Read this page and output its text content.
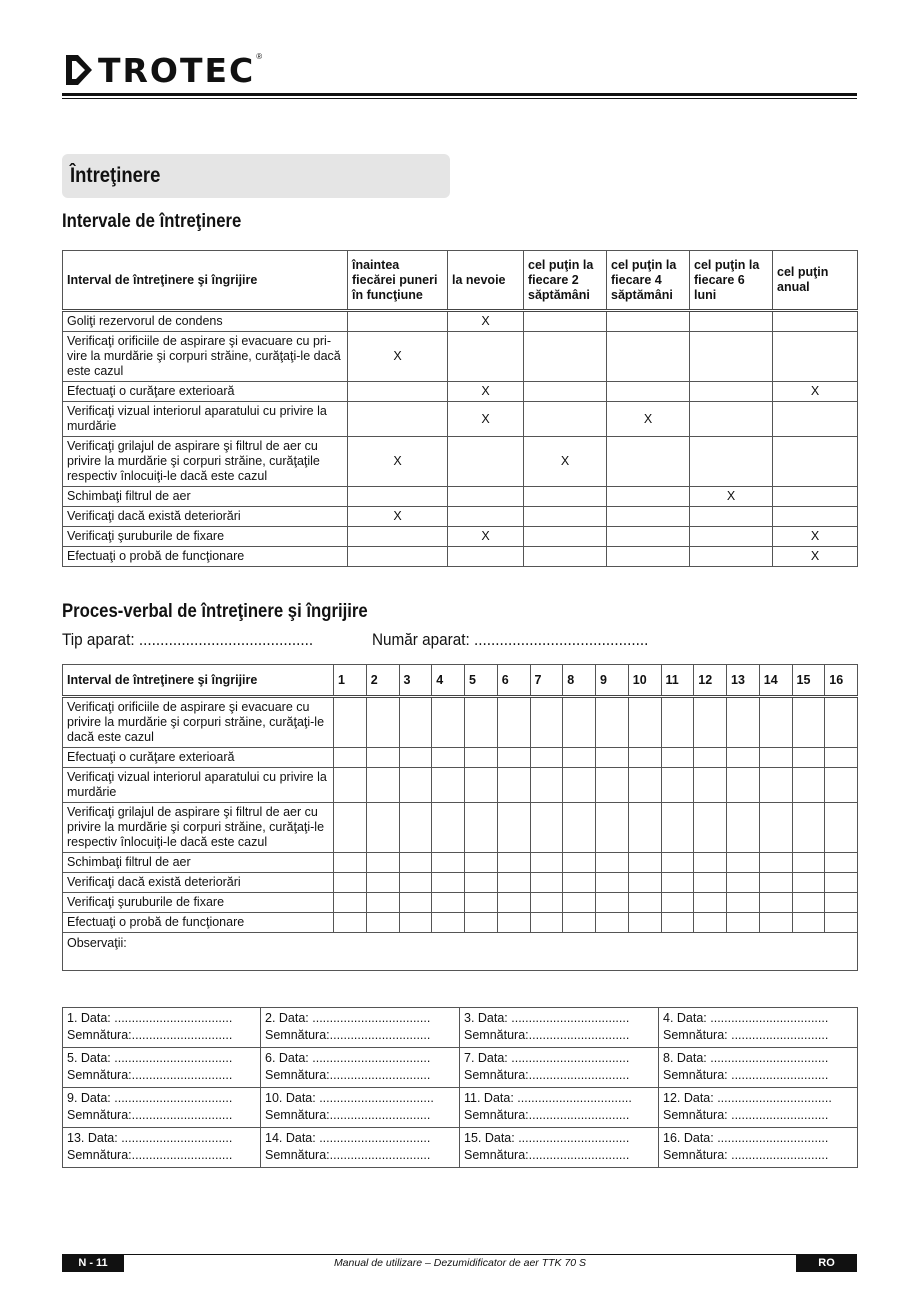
TROTEC ®
Întreţinere
Intervale de întreţinere
Interval de întreţinere şi îngrijire	înaintea fiecărei puneri în funcţiune	la nevoie	cel puţin la fiecare 2 săptămâni	cel puţin la fiecare 4 săptămâni	cel puţin la fiecare 6 luni	cel puţin anual
Goliţi rezervorul de condens		X				
Verificaţi orificiile de aspirare şi evacuare cu pri-vire la murdărie şi corpuri străine, curăţaţi-le dacă este cazul	X					
Efectuaţi o curăţare exterioară		X				X
Verificaţi vizual interiorul aparatului cu privire la murdărie		X		X		
Verificaţi grilajul de aspirare şi filtrul de aer cu privire la murdărie şi corpuri străine, curăţaţile respectiv înlocuiţi-le dacă este cazul	X		X			
Schimbaţi filtrul de aer					X	
Verificaţi dacă există deteriorări	X					
Verificaţi şuruburile de fixare		X				X
Efectuaţi o probă de funcţionare						X
Proces-verbal de întreţinere şi îngrijire
Tip aparat: .........................................	Număr aparat: .........................................
Interval de întreţinere şi îngrijire	1	2	3	4	5	6	7	8	9	10	11	12	13	14	15	16
Verificaţi orificiile de aspirare şi evacuare cu privire la murdărie şi corpuri străine, curăţaţi-le dacă este cazul																
Efectuaţi o curăţare exterioară																
Verificaţi vizual interiorul aparatului cu privire la murdărie																
Verificaţi grilajul de aspirare şi filtrul de aer cu privire la murdărie şi corpuri străine, curăţaţi-le respectiv înlocuiţi-le dacă este cazul																
Schimbaţi filtrul de aer																
Verificaţi dacă există deteriorări																
Verificaţi şuruburile de fixare																
Efectuaţi o probă de funcţionare																
Observaţii:																
1. Data: ..................................
Semnătura:.............................	2. Data: ..................................
Semnătura:.............................	3. Data: ..................................
Semnătura:.............................	4. Data: ..................................
Semnătura: ............................

5. Data: ..................................
Semnătura:.............................	6. Data: ..................................
Semnătura:.............................	7. Data: ..................................
Semnătura:.............................	8. Data: ..................................
Semnătura: ............................

9. Data: ..................................
Semnătura:.............................	10. Data: .................................
Semnătura:.............................	11. Data: .................................
Semnătura:.............................	12. Data: .................................
Semnătura: ............................

13. Data: ................................
Semnătura:.............................	14. Data: ................................
Semnătura:.............................	15. Data: ................................
Semnătura:.............................	16. Data: ................................
Semnătura: ............................
N - 11	Manual de utilizare – Dezumidificator de aer TTK 70 S	RO
